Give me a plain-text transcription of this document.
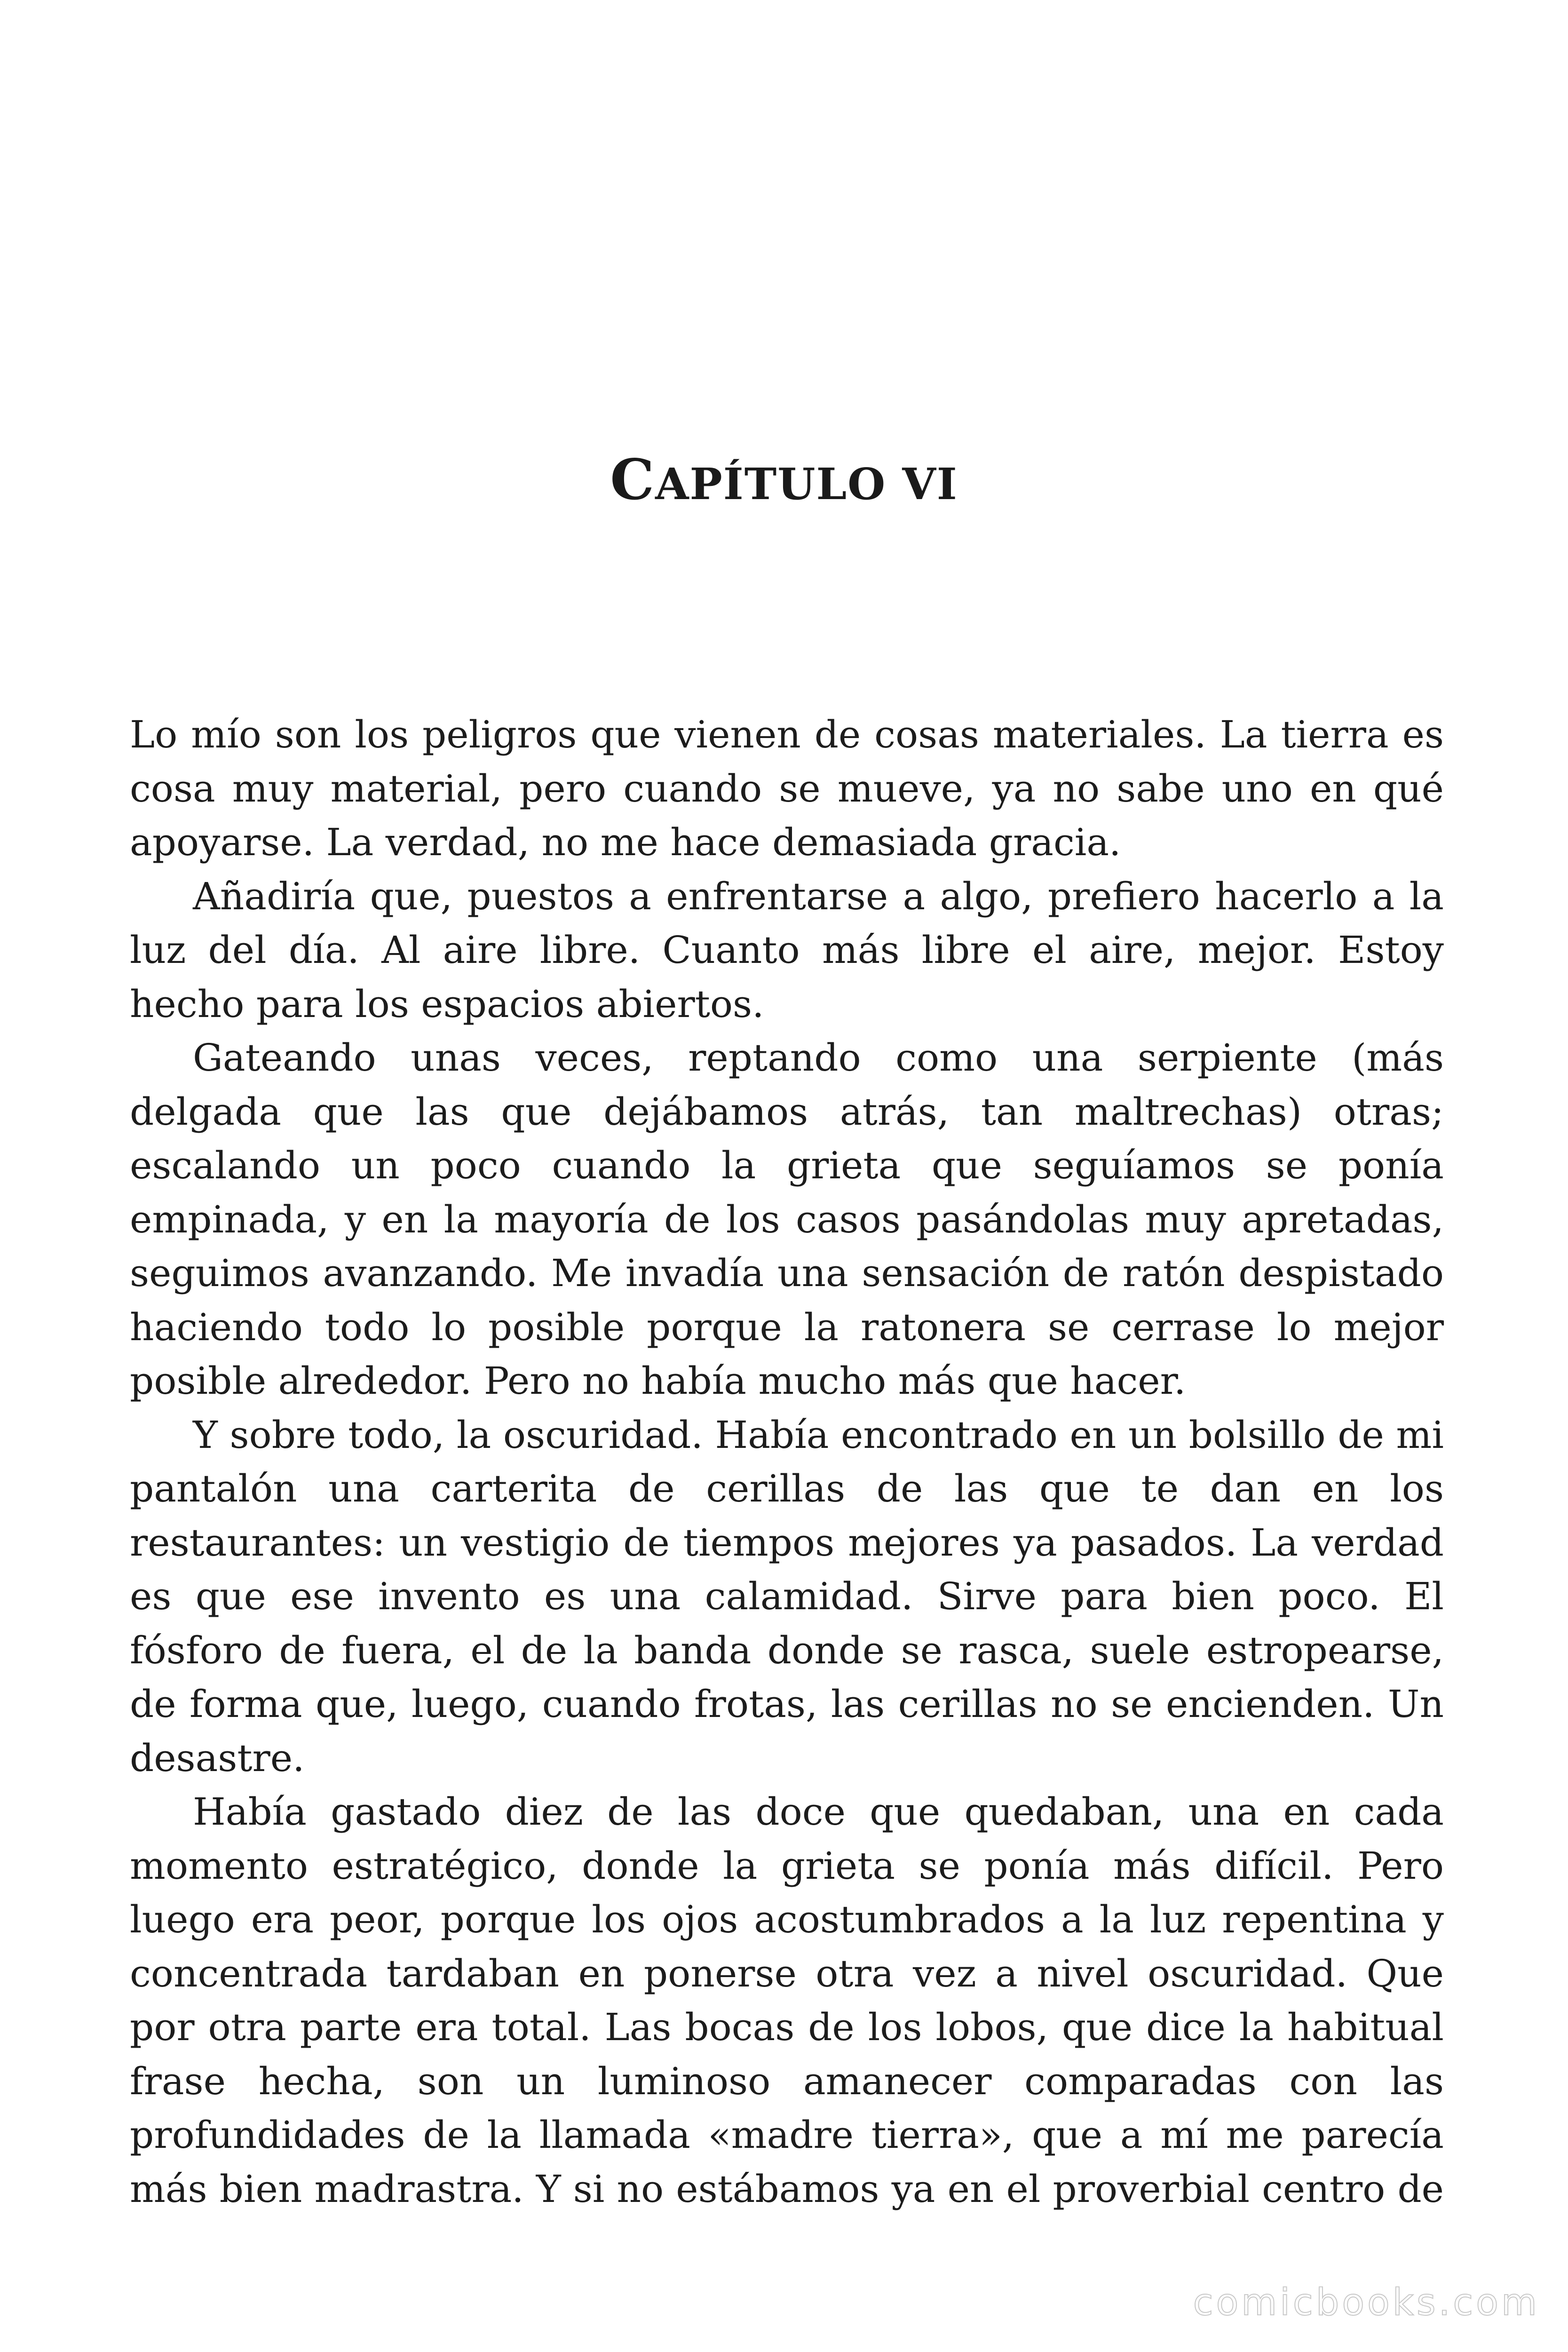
CAPÍTULO VI

Lo mío son los peligros que vienen de cosas materiales. La tierra es cosa muy material, pero cuando se mueve, ya no sabe uno en qué apoyarse. La verdad, no me hace demasiada gracia.

Añadiría que, puestos a enfrentarse a algo, prefiero hacerlo a la luz del día. Al aire libre. Cuanto más libre el aire, mejor. Estoy hecho para los espacios abiertos.

Gateando unas veces, reptando como una serpiente (más delgada que las que dejábamos atrás, tan maltrechas) otras; escalando un poco cuando la grieta que seguíamos se ponía empinada, y en la mayoría de los casos pasándolas muy apretadas, seguimos avanzando. Me invadía una sensación de ratón despistado haciendo todo lo posible porque la ratonera se cerrase lo mejor posible alrededor. Pero no había mucho más que hacer.

Y sobre todo, la oscuridad. Había encontrado en un bolsillo de mi pantalón una carterita de cerillas de las que te dan en los restaurantes: un vestigio de tiempos mejores ya pasados. La verdad es que ese invento es una calamidad. Sirve para bien poco. El fósforo de fuera, el de la banda donde se rasca, suele estropearse, de forma que, luego, cuando frotas, las cerillas no se encienden. Un desastre.

Había gastado diez de las doce que quedaban, una en cada momento estratégico, donde la grieta se ponía más difícil. Pero luego era peor, porque los ojos acostumbrados a la luz repentina y concentrada tardaban en ponerse otra vez a nivel oscuridad. Que por otra parte era total. Las bocas de los lobos, que dice la habitual frase hecha, son un luminoso amanecer comparadas con las profundidades de la llamada «madre tierra», que a mí me parecía más bien madrastra. Y si no estábamos ya en el proverbial centro de

comicbooks.com
